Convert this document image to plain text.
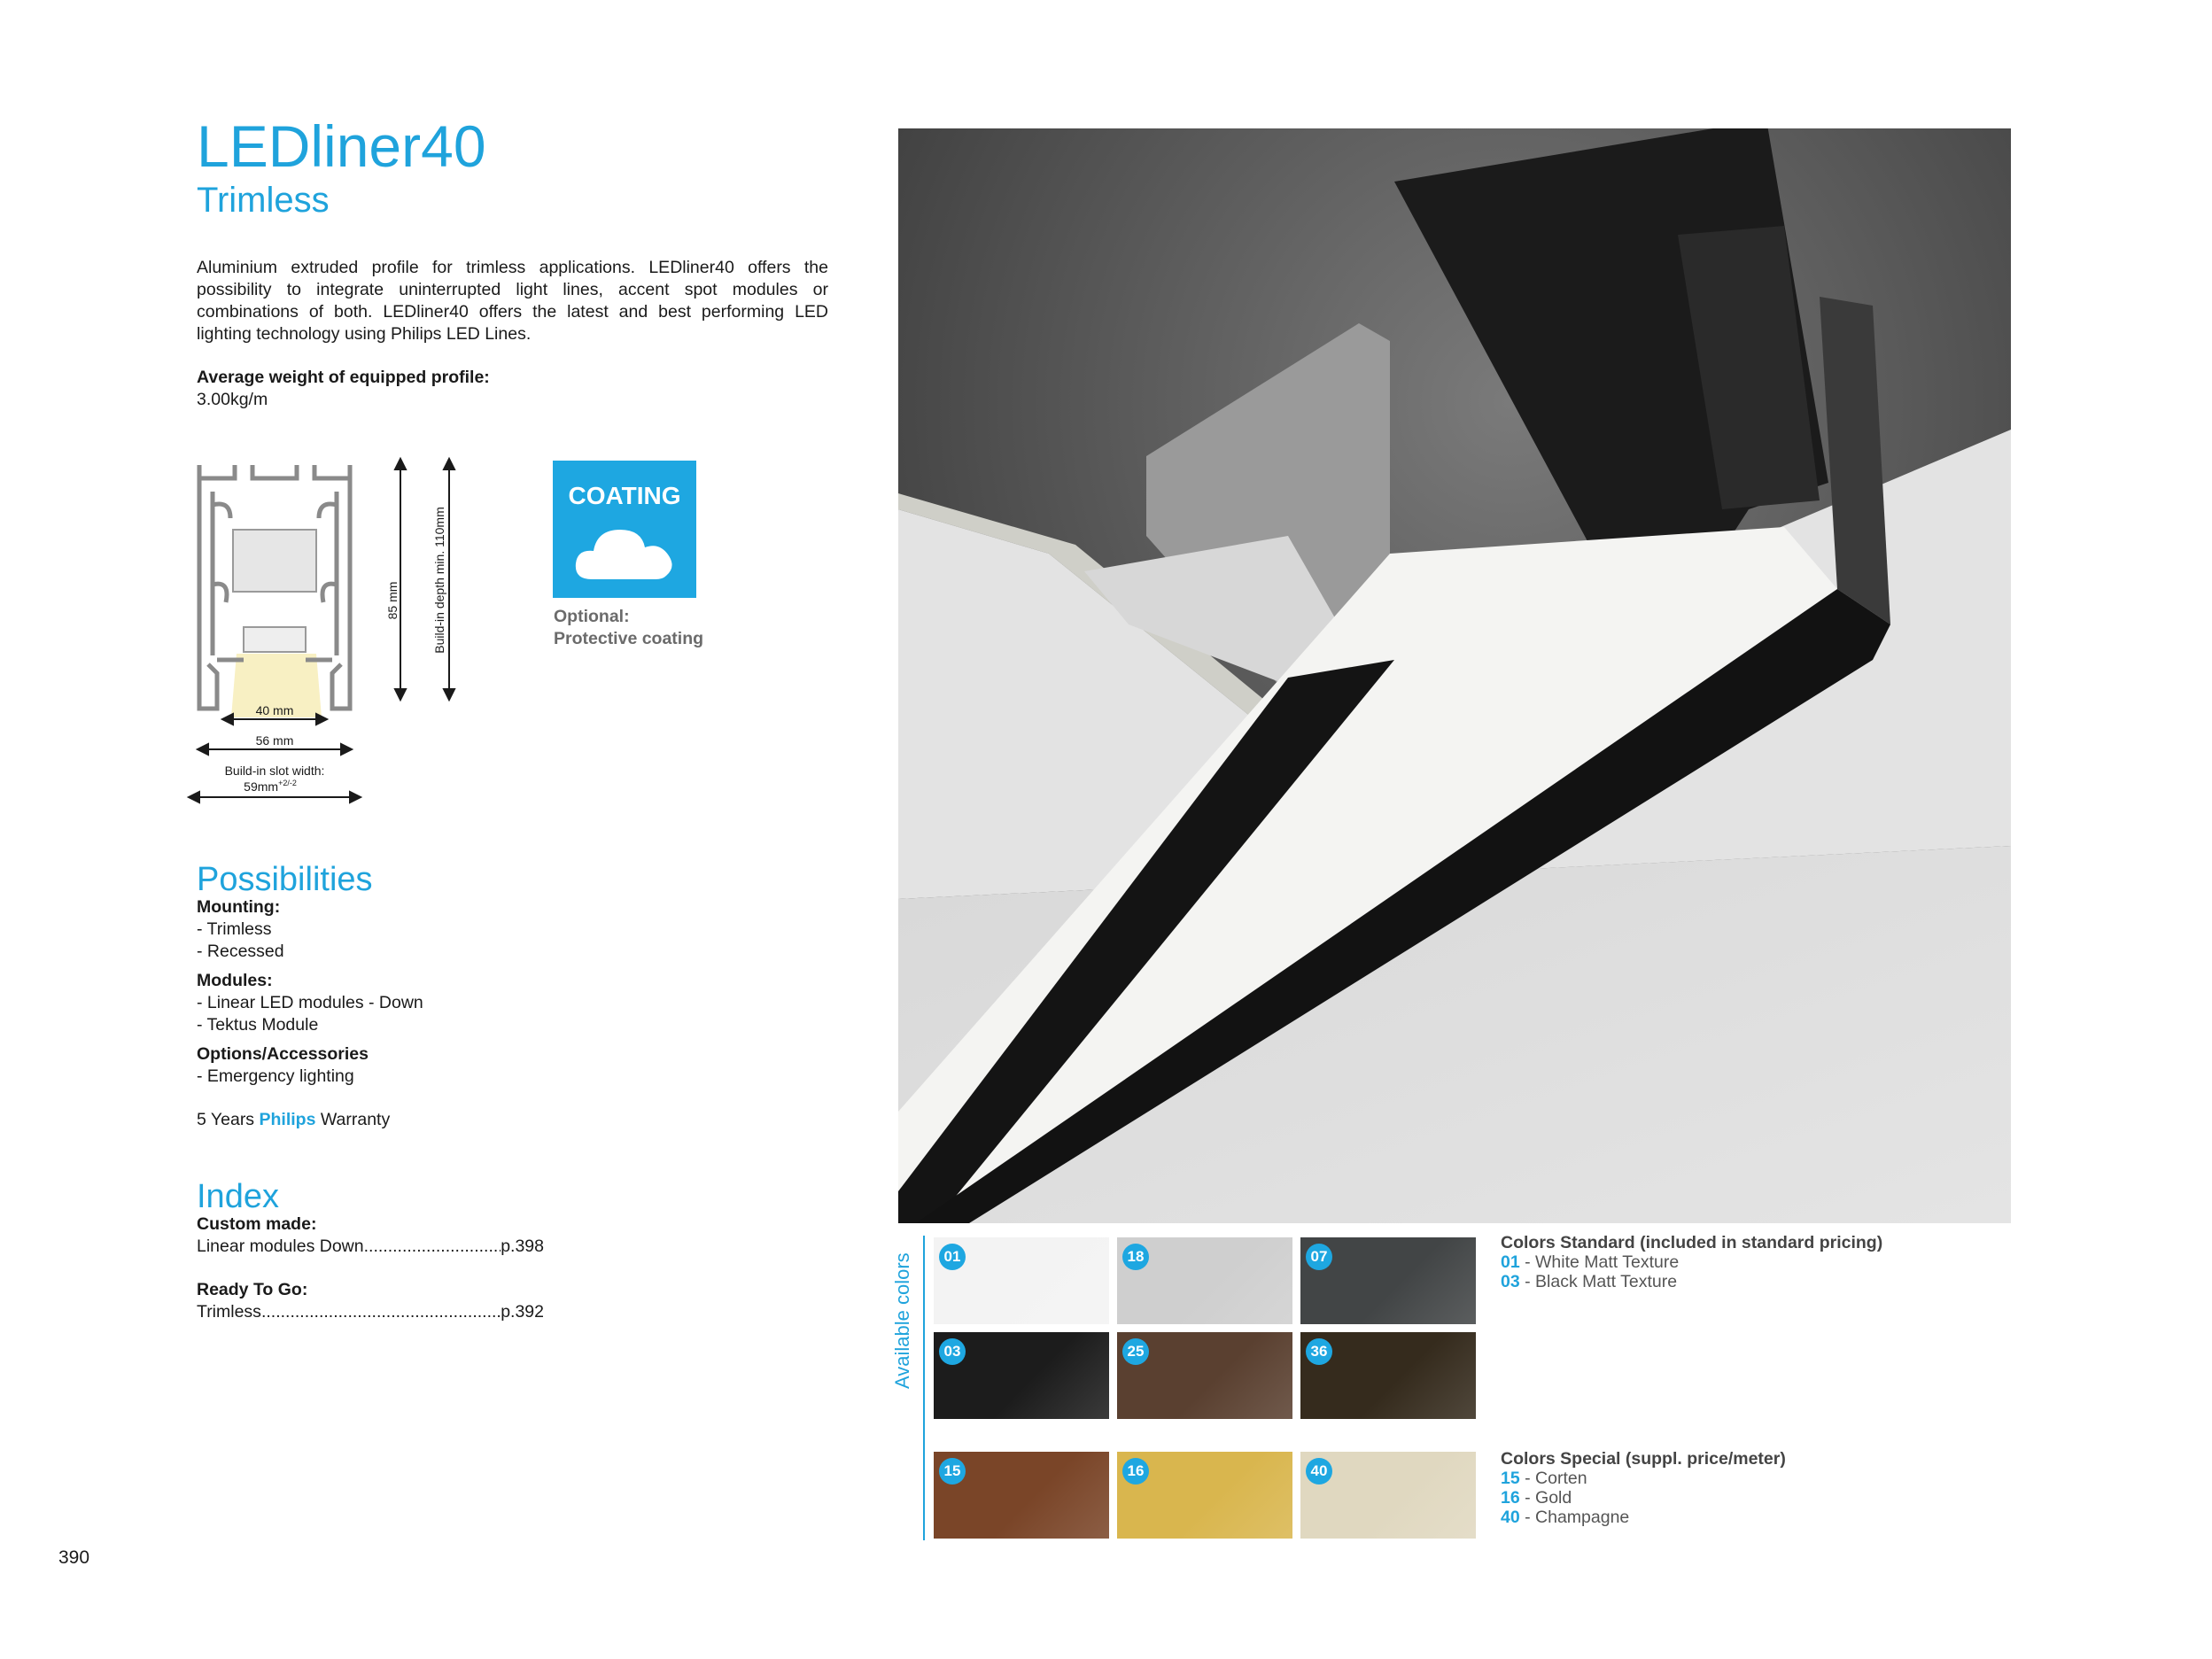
LEDliner40
Trimless
Aluminium extruded profile for trimless applications. LEDliner40 offers the possibility to integrate uninterrupted light lines, accent spot modules or combinations of both. LEDliner40 offers the latest and best performing LED lighting technology using Philips LED Lines.
Average weight of equipped profile:
3.00kg/m
85 mm	Build-in depth min. 110mm
40 mm
56 mm
Build-in slot width:
$59mm^{+2/-2}$
COATING
Optional:
Protective coating
Possibilities
Mounting:
- Trimless
- Recessed
Modules:
- Linear LED modules - Down
- Tektus Module
Options/Accessories
- Emergency lighting
5 Years Philips Warranty
Index
Custom made:
Linear modules Down .....	p.398
Ready To Go:
Trimless .....	p.392
390
Available colors	01	18	07
03	25	36
15	16	40
Colors Standard (included in standard pricing)
01 - White Matt Texture
03 - Black Matt Texture
Colors Special (suppl. price/meter)
15 - Corten
16 - Gold
40 - Champagne
